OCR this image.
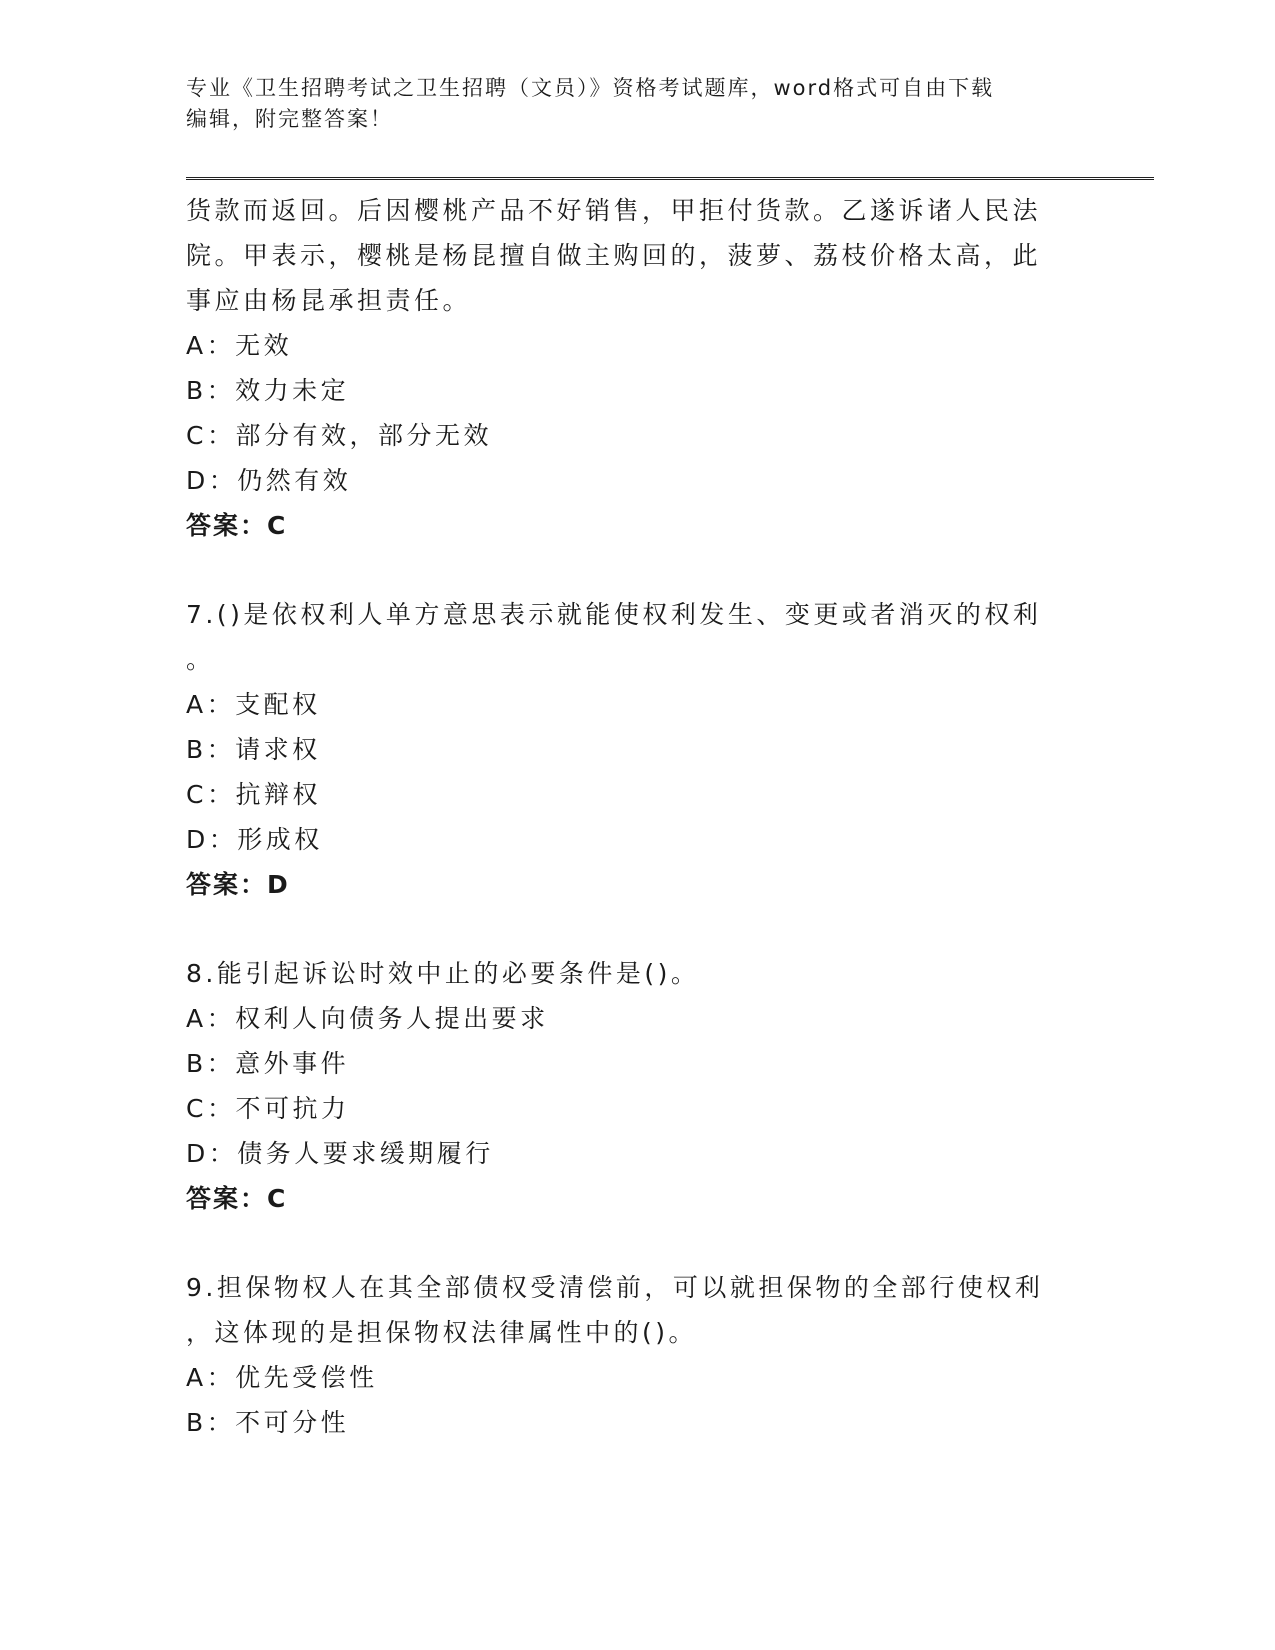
专业《卫生招聘考试之卫生招聘（文员）》资格考试题库，word格式可自由下载
编辑，附完整答案！
货款而返回。后因樱桃产品不好销售，甲拒付货款。乙遂诉诸人民法
院。甲表示，樱桃是杨昆擅自做主购回的，菠萝、荔枝价格太高，此
事应由杨昆承担责任。
A：无效
B：效力未定
C：部分有效，部分无效
D：仍然有效
答案：C
7.()是依权利人单方意思表示就能使权利发生、变更或者消灭的权利
。
A：支配权
B：请求权
C：抗辩权
D：形成权
答案：D
8.能引起诉讼时效中止的必要条件是()。
A：权利人向债务人提出要求
B：意外事件
C：不可抗力
D：债务人要求缓期履行
答案：C
9.担保物权人在其全部债权受清偿前，可以就担保物的全部行使权利
，这体现的是担保物权法律属性中的()。
A：优先受偿性
B：不可分性
